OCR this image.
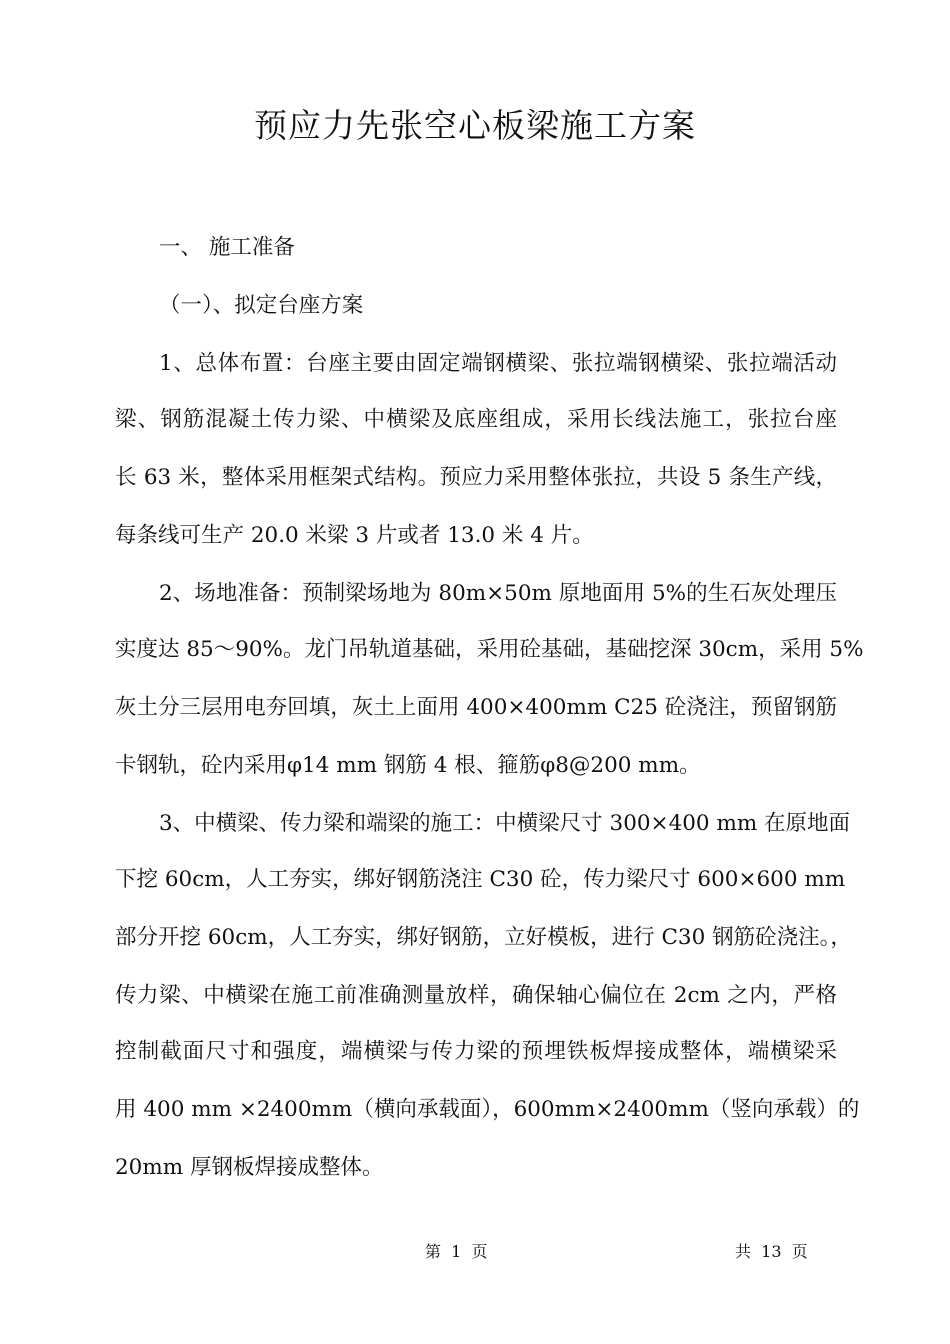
预应力先张空心板梁施工方案
一、 施工准备
（一）、拟定台座方案
1、总体布置：台座主要由固定端钢横梁、张拉端钢横梁、张拉端活动
梁、钢筋混凝土传力梁、中横梁及底座组成，采用长线法施工，张拉台座
长 63 米，整体采用框架式结构。预应力采用整体张拉，共设 5 条生产线，
每条线可生产 20.0 米梁 3 片或者 13.0 米 4 片。
2、场地准备：预制梁场地为 80m×50m 原地面用 5%的生石灰处理压
实度达 85～90%。龙门吊轨道基础，采用砼基础，基础挖深 30cm，采用 5%
灰土分三层用电夯回填，灰土上面用 400×400mm C25 砼浇注，预留钢筋
卡钢轨，砼内采用φ14 mm 钢筋 4 根、箍筋φ8@200 mm。
3、中横梁、传力梁和端梁的施工：中横梁尺寸 300×400 mm 在原地面
下挖 60cm，人工夯实，绑好钢筋浇注 C30 砼，传力梁尺寸 600×600 mm
部分开挖 60cm，人工夯实，绑好钢筋，立好模板，进行 C30 钢筋砼浇注。，
传力梁、中横梁在施工前准确测量放样，确保轴心偏位在 2cm 之内，严格
控制截面尺寸和强度，端横梁与传力梁的预埋铁板焊接成整体，端横梁采
用 400 mm ×2400mm（横向承载面），600mm×2400mm（竖向承载）的
20mm 厚钢板焊接成整体。
第  1  页	共  13  页
